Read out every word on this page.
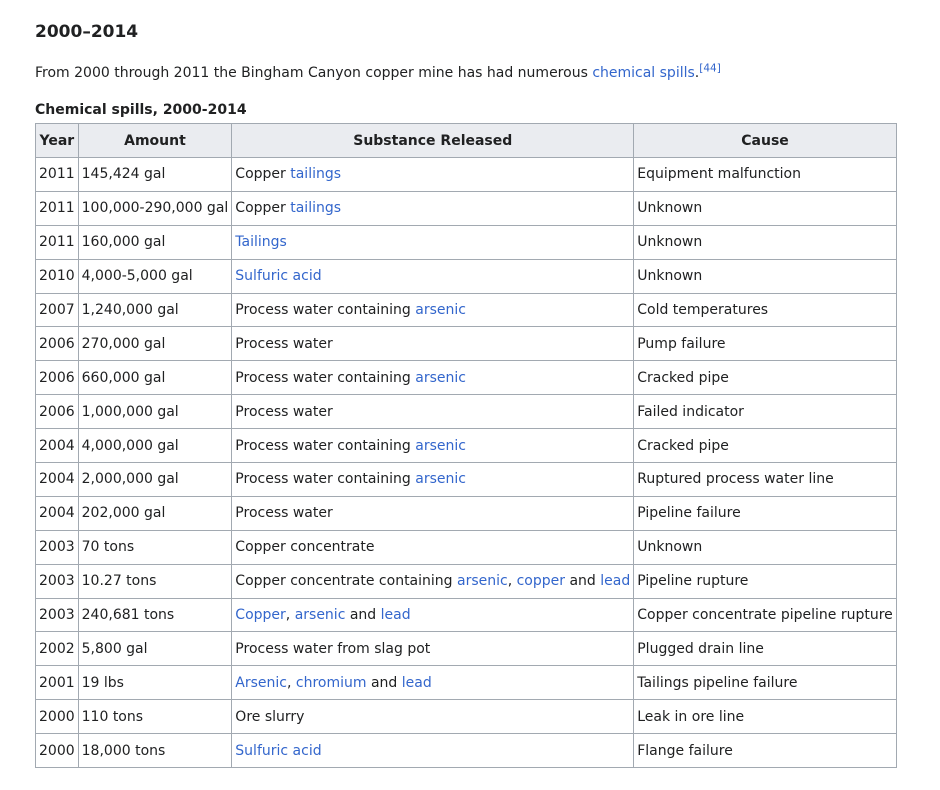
2000–2014

From 2000 through 2011 the Bingham Canyon copper mine has had numerous chemical spills.[44]

Chemical spills, 2000-2014
Year	Amount	Substance Released	Cause
2011	145,424 gal	Copper tailings	Equipment malfunction
2011	100,000-290,000 gal	Copper tailings	Unknown
2011	160,000 gal	Tailings	Unknown
2010	4,000-5,000 gal	Sulfuric acid	Unknown
2007	1,240,000 gal	Process water containing arsenic	Cold temperatures
2006	270,000 gal	Process water	Pump failure
2006	660,000 gal	Process water containing arsenic	Cracked pipe
2006	1,000,000 gal	Process water	Failed indicator
2004	4,000,000 gal	Process water containing arsenic	Cracked pipe
2004	2,000,000 gal	Process water containing arsenic	Ruptured process water line
2004	202,000 gal	Process water	Pipeline failure
2003	70 tons	Copper concentrate	Unknown
2003	10.27 tons	Copper concentrate containing arsenic, copper and lead	Pipeline rupture
2003	240,681 tons	Copper, arsenic and lead	Copper concentrate pipeline rupture
2002	5,800 gal	Process water from slag pot	Plugged drain line
2001	19 lbs	Arsenic, chromium and lead	Tailings pipeline failure
2000	110 tons	Ore slurry	Leak in ore line
2000	18,000 tons	Sulfuric acid	Flange failure
